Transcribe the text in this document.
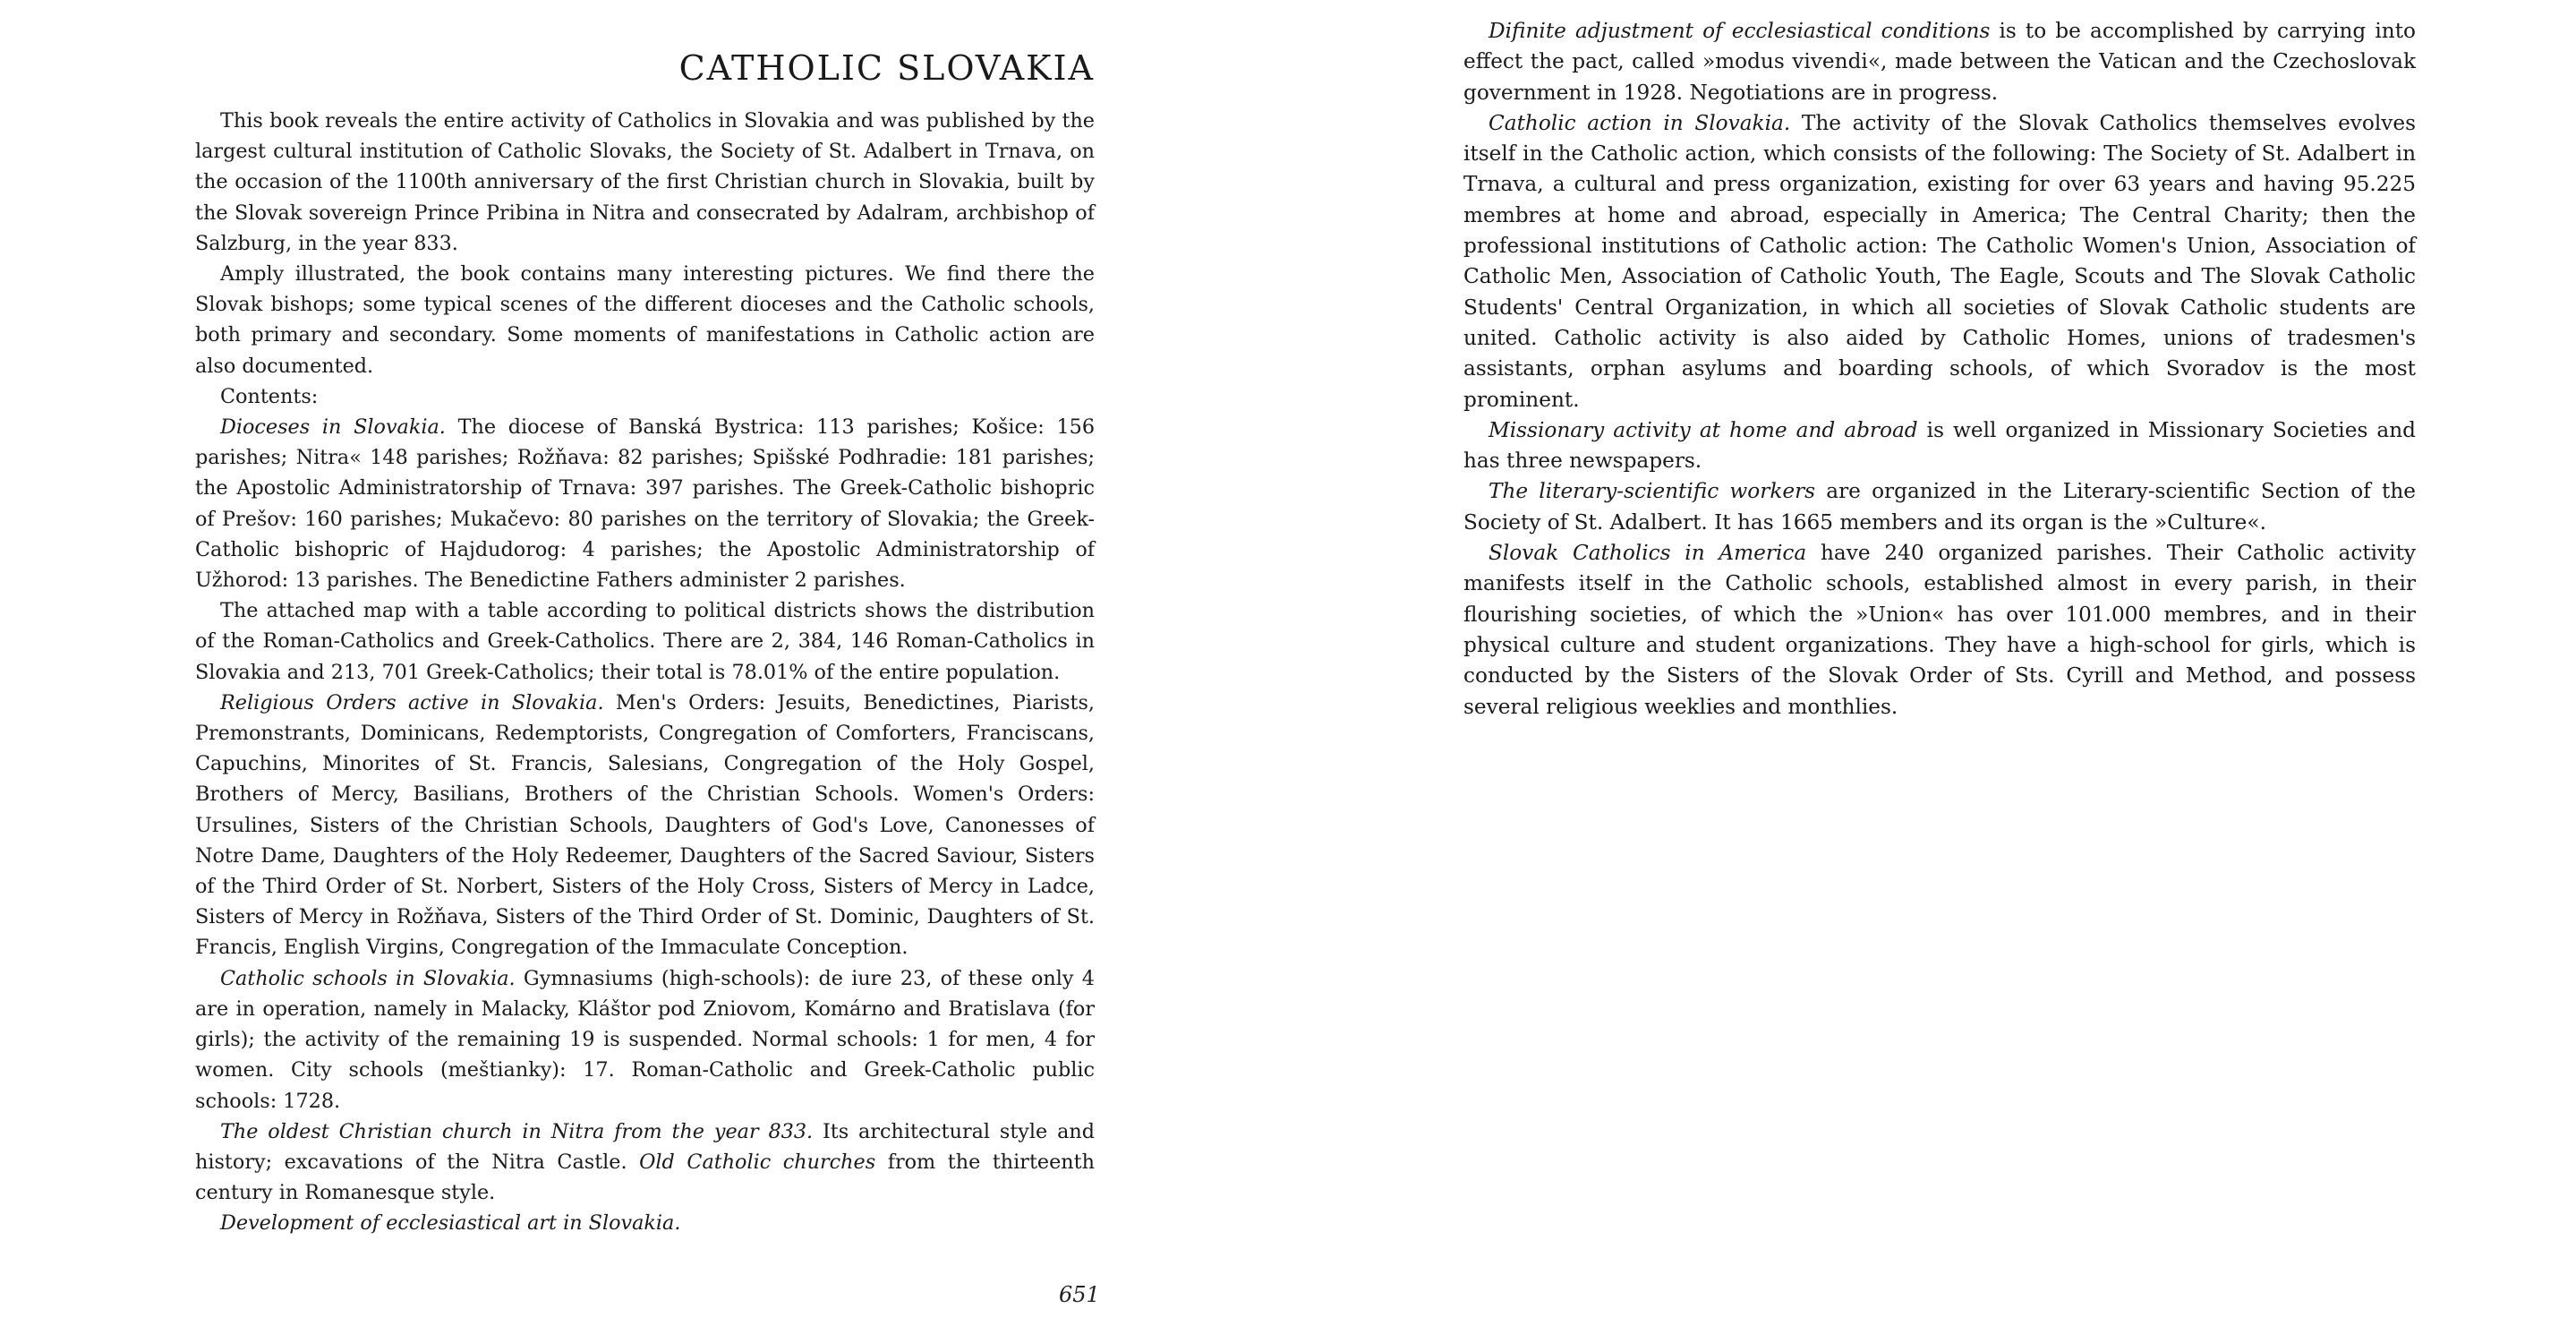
CATHOLIC SLOVAKIA

This book reveals the entire activity of Catholics in Slovakia and was published by the largest cultural institution of Catholic Slovaks, the Society of St. Adalbert in Trnava, on the occasion of the 1100th anniversary of the first Christian church in Slovakia, built by the Slovak sovereign Prince Pribina in Nitra and consecrated by Adalram, archbishop of Salzburg, in the year 833.

Amply illustrated, the book contains many interesting pictures. We find there the Slovak bishops; some typical scenes of the different dioceses and the Catholic schools, both primary and secondary. Some moments of manifestations in Catholic action are also documented.

Contents:

Dioceses in Slovakia. The diocese of Banská Bystrica: 113 parishes; Košice: 156 parishes; Nitra« 148 parishes; Rožňava: 82 parishes; Spišské Podhradie: 181 parishes; the Apostolic Administratorship of Trnava: 397 parishes. The Greek-Catholic bishopric of Prešov: 160 parishes; Mukačevo: 80 parishes on the territory of Slovakia; the Greek-Catholic bishopric of Hajdudorog: 4 parishes; the Apostolic Administratorship of Užhorod: 13 parishes. The Benedictine Fathers administer 2 parishes.

The attached map with a table according to political districts shows the distribution of the Roman-Catholics and Greek-Catholics. There are 2, 384, 146 Roman-Catholics in Slovakia and 213, 701 Greek-Catholics; their total is 78.01% of the entire population.

Religious Orders active in Slovakia. Men's Orders: Jesuits, Benedictines, Piarists, Premonstrants, Dominicans, Redemptorists, Congregation of Comforters, Franciscans, Capuchins, Minorites of St. Francis, Salesians, Congregation of the Holy Gospel, Brothers of Mercy, Basilians, Brothers of the Christian Schools. Women's Orders: Ursulines, Sisters of the Christian Schools, Daughters of God's Love, Canonesses of Notre Dame, Daughters of the Holy Redeemer, Daughters of the Sacred Saviour, Sisters of the Third Order of St. Norbert, Sisters of the Holy Cross, Sisters of Mercy in Ladce, Sisters of Mercy in Rožňava, Sisters of the Third Order of St. Dominic, Daughters of St. Francis, English Virgins, Congregation of the Immaculate Conception.

Catholic schools in Slovakia. Gymnasiums (high-schools): de iure 23, of these only 4 are in operation, namely in Malacky, Kláštor pod Zniovom, Komárno and Bratislava (for girls); the activity of the remaining 19 is suspended. Normal schools: 1 for men, 4 for women. City schools (meštianky): 17. Roman-Catholic and Greek-Catholic public schools: 1728.

The oldest Christian church in Nitra from the year 833. Its architectural style and history; excavations of the Nitra Castle. Old Catholic churches from the thirteenth century in Romanesque style.

Development of ecclesiastical art in Slovakia.

651

Difinite adjustment of ecclesiastical conditions is to be accomplished by carrying into effect the pact, called »modus vivendi«, made between the Vatican and the Czechoslovak government in 1928. Negotiations are in progress.

Catholic action in Slovakia. The activity of the Slovak Catholics themselves evolves itself in the Catholic action, which consists of the following: The Society of St. Adalbert in Trnava, a cultural and press organization, existing for over 63 years and having 95.225 membres at home and abroad, especially in America; The Central Charity; then the professional institutions of Catholic action: The Catholic Women's Union, Association of Catholic Men, Association of Catholic Youth, The Eagle, Scouts and The Slovak Catholic Students' Central Organization, in which all societies of Slovak Catholic students are united. Catholic activity is also aided by Catholic Homes, unions of tradesmen's assistants, orphan asylums and boarding schools, of which Svoradov is the most prominent.

Missionary activity at home and abroad is well organized in Missionary Societies and has three newspapers.

The literary-scientific workers are organized in the Literary-scientific Section of the Society of St. Adalbert. It has 1665 members and its organ is the »Culture«.

Slovak Catholics in America have 240 organized parishes. Their Catholic activity manifests itself in the Catholic schools, established almost in every parish, in their flourishing societies, of which the »Union« has over 101.000 membres, and in their physical culture and student organizations. They have a high-school for girls, which is conducted by the Sisters of the Slovak Order of Sts. Cyrill and Method, and possess several religious weeklies and monthlies.
